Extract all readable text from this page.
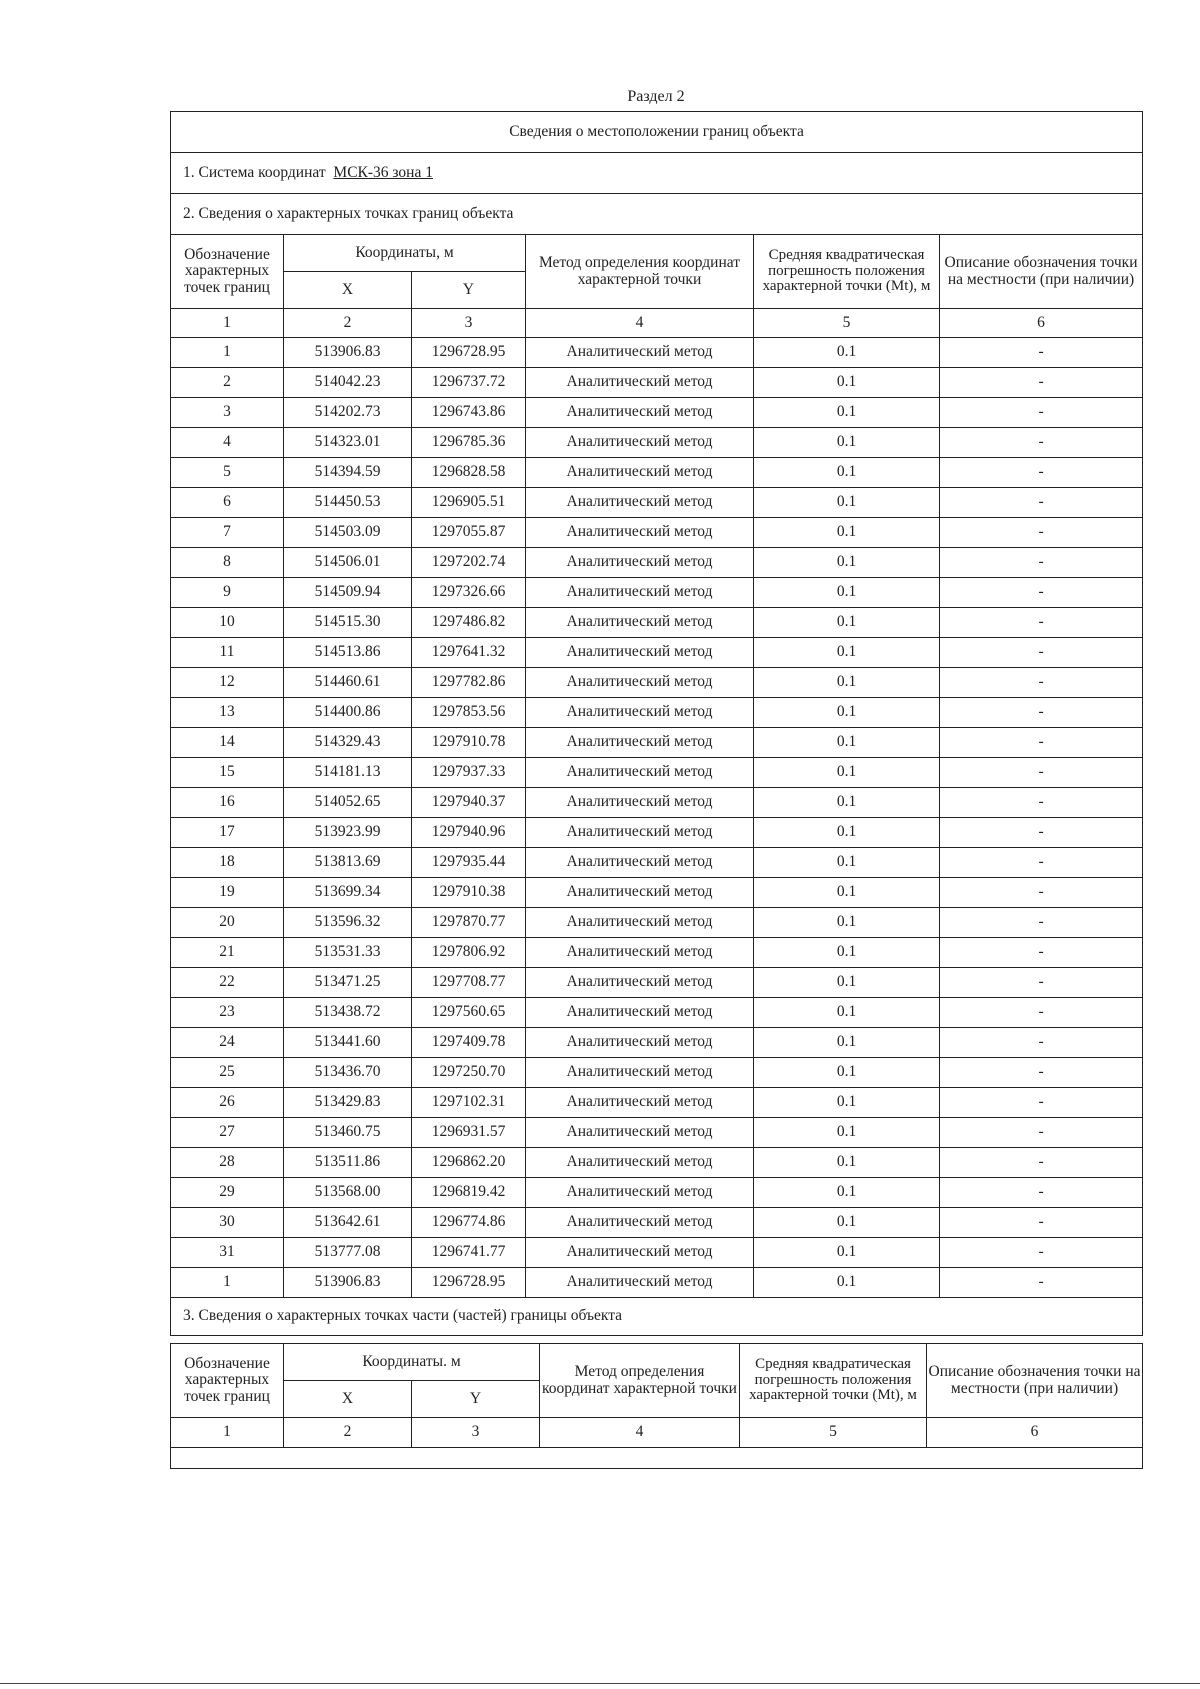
Раздел 2
Сведения о местоположении границ объекта					
1. Система координат МСК-36 зона 1					
2. Сведения о характерных точках границ объекта					
Обозначение характерных точек границ	Координаты, м		Метод определения координат характерной точки	Средняя квадратическая погрешность положения характерной точки (Mt), м	Описание обозначения точки на местности (при наличии)
	X	Y			
1	2	3	4	5	6
1	513906.83	1296728.95	Аналитический метод	0.1	-
2	514042.23	1296737.72	Аналитический метод	0.1	-
3	514202.73	1296743.86	Аналитический метод	0.1	-
4	514323.01	1296785.36	Аналитический метод	0.1	-
5	514394.59	1296828.58	Аналитический метод	0.1	-
6	514450.53	1296905.51	Аналитический метод	0.1	-
7	514503.09	1297055.87	Аналитический метод	0.1	-
8	514506.01	1297202.74	Аналитический метод	0.1	-
9	514509.94	1297326.66	Аналитический метод	0.1	-
10	514515.30	1297486.82	Аналитический метод	0.1	-
11	514513.86	1297641.32	Аналитический метод	0.1	-
12	514460.61	1297782.86	Аналитический метод	0.1	-
13	514400.86	1297853.56	Аналитический метод	0.1	-
14	514329.43	1297910.78	Аналитический метод	0.1	-
15	514181.13	1297937.33	Аналитический метод	0.1	-
16	514052.65	1297940.37	Аналитический метод	0.1	-
17	513923.99	1297940.96	Аналитический метод	0.1	-
18	513813.69	1297935.44	Аналитический метод	0.1	-
19	513699.34	1297910.38	Аналитический метод	0.1	-
20	513596.32	1297870.77	Аналитический метод	0.1	-
21	513531.33	1297806.92	Аналитический метод	0.1	-
22	513471.25	1297708.77	Аналитический метод	0.1	-
23	513438.72	1297560.65	Аналитический метод	0.1	-
24	513441.60	1297409.78	Аналитический метод	0.1	-
25	513436.70	1297250.70	Аналитический метод	0.1	-
26	513429.83	1297102.31	Аналитический метод	0.1	-
27	513460.75	1296931.57	Аналитический метод	0.1	-
28	513511.86	1296862.20	Аналитический метод	0.1	-
29	513568.00	1296819.42	Аналитический метод	0.1	-
30	513642.61	1296774.86	Аналитический метод	0.1	-
31	513777.08	1296741.77	Аналитический метод	0.1	-
1	513906.83	1296728.95	Аналитический метод	0.1	-
3. Сведения о характерных точках части (частей) границы объекта					
Обозначение характерных точек границ	Координаты. м		Метод определения координат характерной точки	Средняя квадратическая погрешность положения характерной точки (Mt), м	Описание обозначения точки на местности (при наличии)
	X	Y			
1	2	3	4	5	6
